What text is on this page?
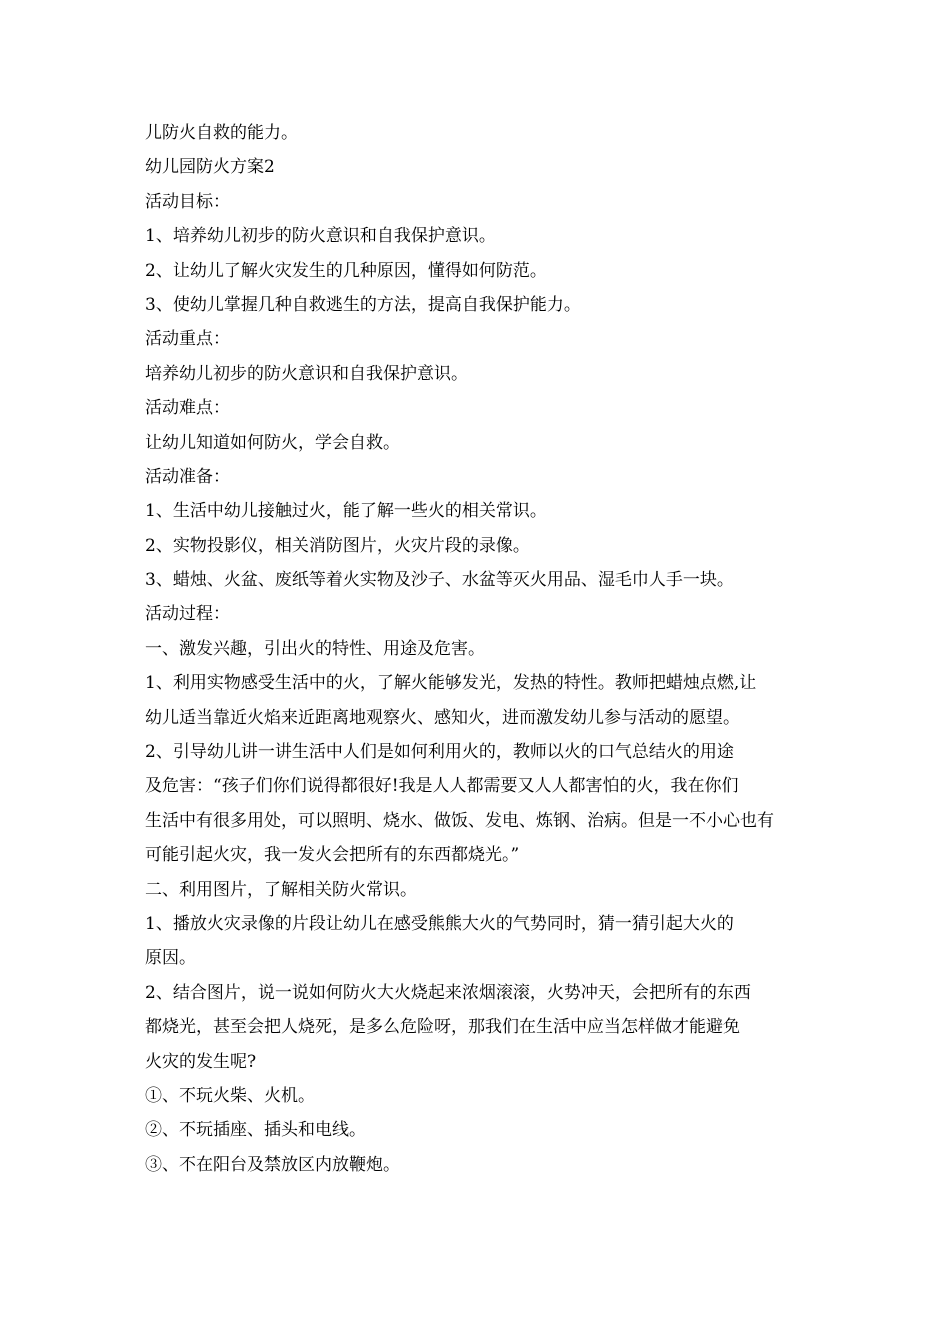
儿防火自救的能力。
幼儿园防火方案2
活动目标：
1、培养幼儿初步的防火意识和自我保护意识。
2、让幼儿了解火灾发生的几种原因，懂得如何防范。
3、使幼儿掌握几种自救逃生的方法，提高自我保护能力。
活动重点：
培养幼儿初步的防火意识和自我保护意识。
活动难点：
让幼儿知道如何防火，学会自救。
活动准备：
1、生活中幼儿接触过火，能了解一些火的相关常识。
2、实物投影仪，相关消防图片，火灾片段的录像。
3、蜡烛、火盆、废纸等着火实物及沙子、水盆等灭火用品、湿毛巾人手一块。
活动过程：
一、激发兴趣，引出火的特性、用途及危害。
1、利用实物感受生活中的火，了解火能够发光，发热的特性。教师把蜡烛点燃,让
幼儿适当靠近火焰来近距离地观察火、感知火，进而激发幼儿参与活动的愿望。
2、引导幼儿讲一讲生活中人们是如何利用火的，教师以火的口气总结火的用途
及危害：“孩子们你们说得都很好!我是人人都需要又人人都害怕的火，我在你们
生活中有很多用处，可以照明、烧水、做饭、发电、炼钢、治病。但是一不小心也有
可能引起火灾，我一发火会把所有的东西都烧光。”
二、利用图片，了解相关防火常识。
1、播放火灾录像的片段让幼儿在感受熊熊大火的气势同时，猜一猜引起大火的
原因。
2、结合图片，说一说如何防火大火烧起来浓烟滚滚，火势冲天，会把所有的东西
都烧光，甚至会把人烧死，是多么危险呀，那我们在生活中应当怎样做才能避免
火灾的发生呢?
①、不玩火柴、火机。
②、不玩插座、插头和电线。
③、不在阳台及禁放区内放鞭炮。
